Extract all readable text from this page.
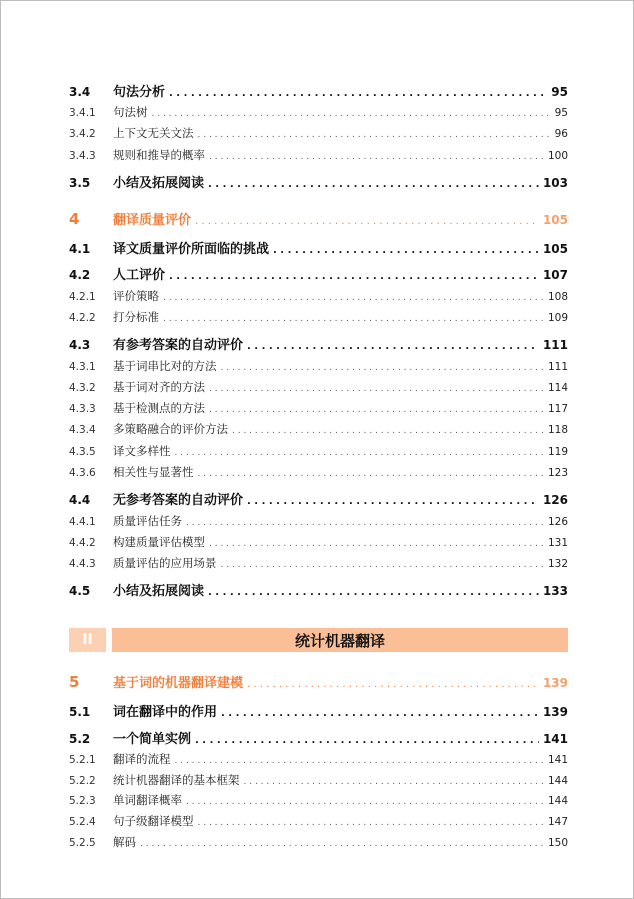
3.4	句法分析 . . .	95
3.4.1	句法树 . . .	95
3.4.2	上下文无关文法 . . .	96
3.4.3	规则和推导的概率 . . .	100
3.5	小结及拓展阅读 . . .	103
4	翻译质量评价 . . .	105
4.1	译文质量评价所面临的挑战 . . .	105
4.2	人工评价 . . .	107
4.2.1	评价策略 . . .	108
4.2.2	打分标准 . . .	109
4.3	有参考答案的自动评价 . . .	111
4.3.1	基于词串比对的方法 . . .	111
4.3.2	基于词对齐的方法 . . .	114
4.3.3	基于检测点的方法 . . .	117
4.3.4	多策略融合的评价方法 . . .	118
4.3.5	译文多样性 . . .	119
4.3.6	相关性与显著性 . . .	123
4.4	无参考答案的自动评价 . . .	126
4.4.1	质量评估任务 . . .	126
4.4.2	构建质量评估模型 . . .	131
4.4.3	质量评估的应用场景 . . .	132
4.5	小结及拓展阅读 . . .	133
5	基于词的机器翻译建模 . . .	139
5.1	词在翻译中的作用 . . .	139
5.2	一个简单实例 . . .	141
5.2.1	翻译的流程 . . .	141
5.2.2	统计机器翻译的基本框架 . . .	144
5.2.3	单词翻译概率 . . .	144
5.2.4	句子级翻译模型 . . .	147
5.2.5	解码 . . .	150
II	统计机器翻译
